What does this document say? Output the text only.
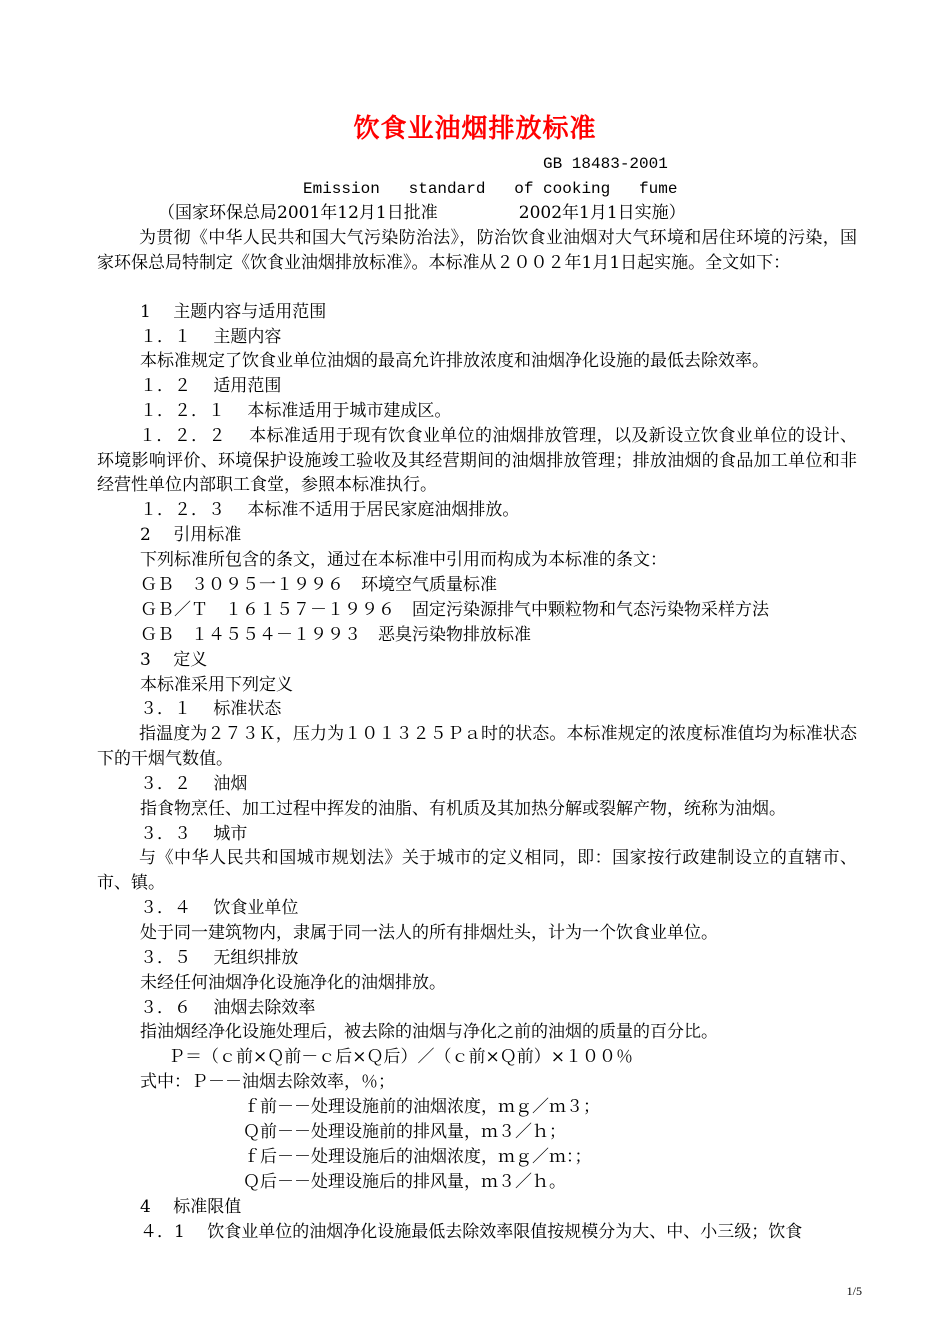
饮食业油烟排放标准
GB 18483-2001
Emission   standard   of cooking   fume
（国家环保总局2001年12月1日批准               2002年1月1日实施）
为贯彻《中华人民共和国大气污染防治法》，防治饮食业油烟对大气环境和居住环境的污染，国家环保总局特制定《饮食业油烟排放标准》。本标准从２００２年1月1日起实施。全文如下：
1　 主题内容与适用范围
１．１　 主题内容
本标准规定了饮食业单位油烟的最高允许排放浓度和油烟净化设施的最低去除效率。
１．２　 适用范围
１．２．１　 本标准适用于城市建成区。
１．２．２　 本标准适用于现有饮食业单位的油烟排放管理，以及新设立饮食业单位的设计、环境影响评价、环境保护设施竣工验收及其经营期间的油烟排放管理；排放油烟的食品加工单位和非经营性单位内部职工食堂，参照本标准执行。
１．２．３　 本标准不适用于居民家庭油烟排放。
2　 引用标准
下列标准所包含的条文，通过在本标准中引用而构成为本标准的条文：
ＧＢ　３０９５一１９９６　环境空气质量标准
ＧＢ／Ｔ　１６１５７－１９９６　固定污染源排气中颗粒物和气态污染物采样方法
ＧＢ　１４５５４－１９９３　恶臭污染物排放标准
3　 定义
本标准采用下列定义
３．１　 标准状态
指温度为２７３Ｋ，压力为１０１３２５Ｐａ时的状态。本标准规定的浓度标准值均为标准状态下的干烟气数值。
３．２　 油烟
指食物烹任、加工过程中挥发的油脂、有机质及其加热分解或裂解产物，统称为油烟。
３．３　 城市
与《中华人民共和国城市规划法》关于城市的定义相同，即：国家按行政建制设立的直辖市、市、镇。
３．４　 饮食业单位
处于同一建筑物内，隶属于同一法人的所有排烟灶头，计为一个饮食业单位。
３．５　 无组织排放
未经任何油烟净化设施净化的油烟排放。
３．６　 油烟去除效率
指油烟经净化设施处理后，被去除的油烟与净化之前的油烟的质量的百分比。
Ｐ＝（ｃ前×Ｑ前－ｃ后×Ｑ后）／（ｃ前×Ｑ前）×１００％
式中：Ｐ－－油烟去除效率，％；
ｆ前－－处理设施前的油烟浓度，ｍｇ／ｍ３；
Ｑ前－－处理设施前的排风量，ｍ３／ｈ；
ｆ后－－处理设施后的油烟浓度，ｍｇ／ｍ：；
Ｑ后－－处理设施后的排风量，ｍ３／ｈ。
4　 标准限值
４．1　 饮食业单位的油烟净化设施最低去除效率限值按规模分为大、中、小三级；饮食
1/5
